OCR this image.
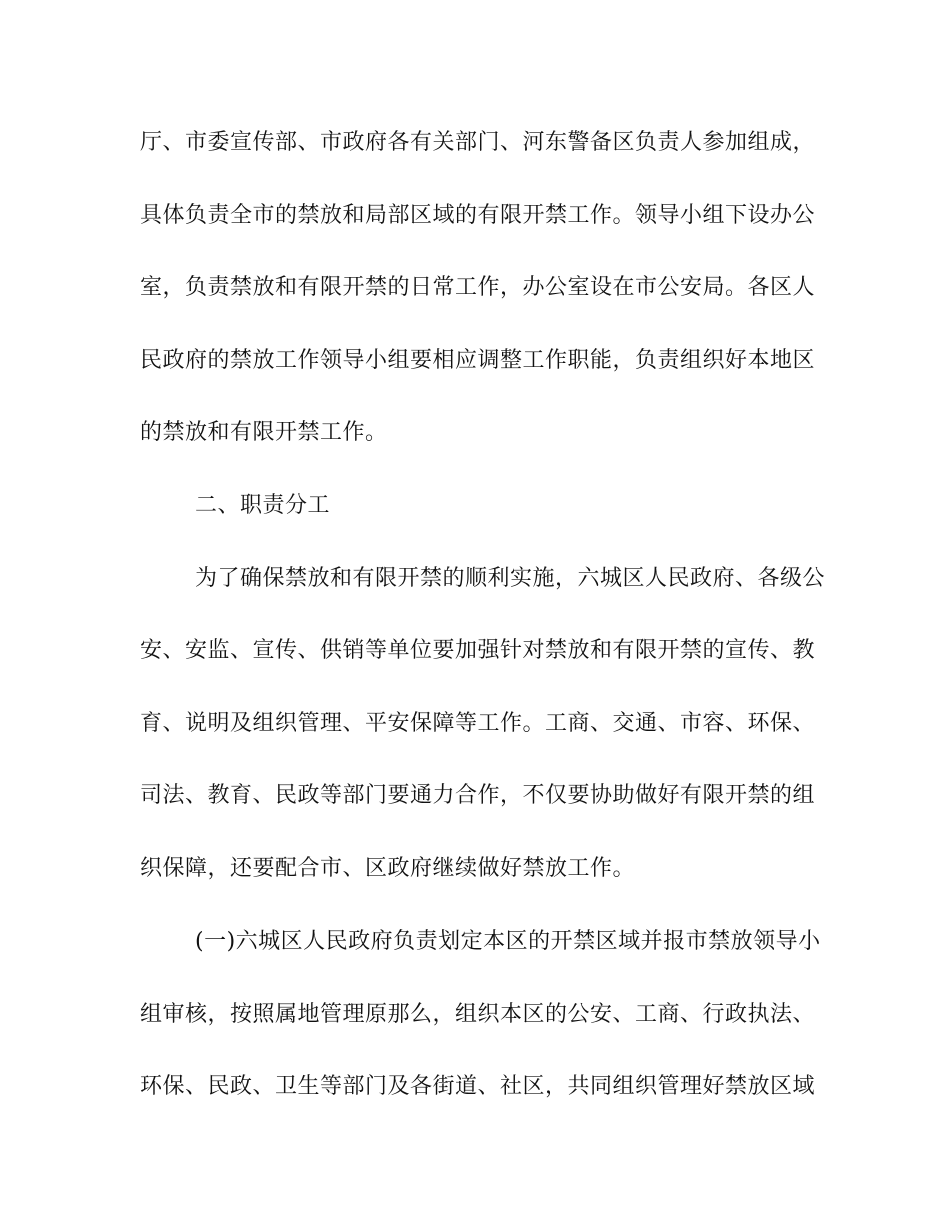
厅、市委宣传部、市政府各有关部门、河东警备区负责人参加组成，
具体负责全市的禁放和局部区域的有限开禁工作。领导小组下设办公
室，负责禁放和有限开禁的日常工作，办公室设在市公安局。各区人
民政府的禁放工作领导小组要相应调整工作职能，负责组织好本地区
的禁放和有限开禁工作。
二、职责分工
为了确保禁放和有限开禁的顺利实施，六城区人民政府、各级公
安、安监、宣传、供销等单位要加强针对禁放和有限开禁的宣传、教
育、说明及组织管理、平安保障等工作。工商、交通、市容、环保、
司法、教育、民政等部门要通力合作，不仅要协助做好有限开禁的组
织保障，还要配合市、区政府继续做好禁放工作。
(一)六城区人民政府负责划定本区的开禁区域并报市禁放领导小
组审核，按照属地管理原那么，组织本区的公安、工商、行政执法、
环保、民政、卫生等部门及各街道、社区，共同组织管理好禁放区域
